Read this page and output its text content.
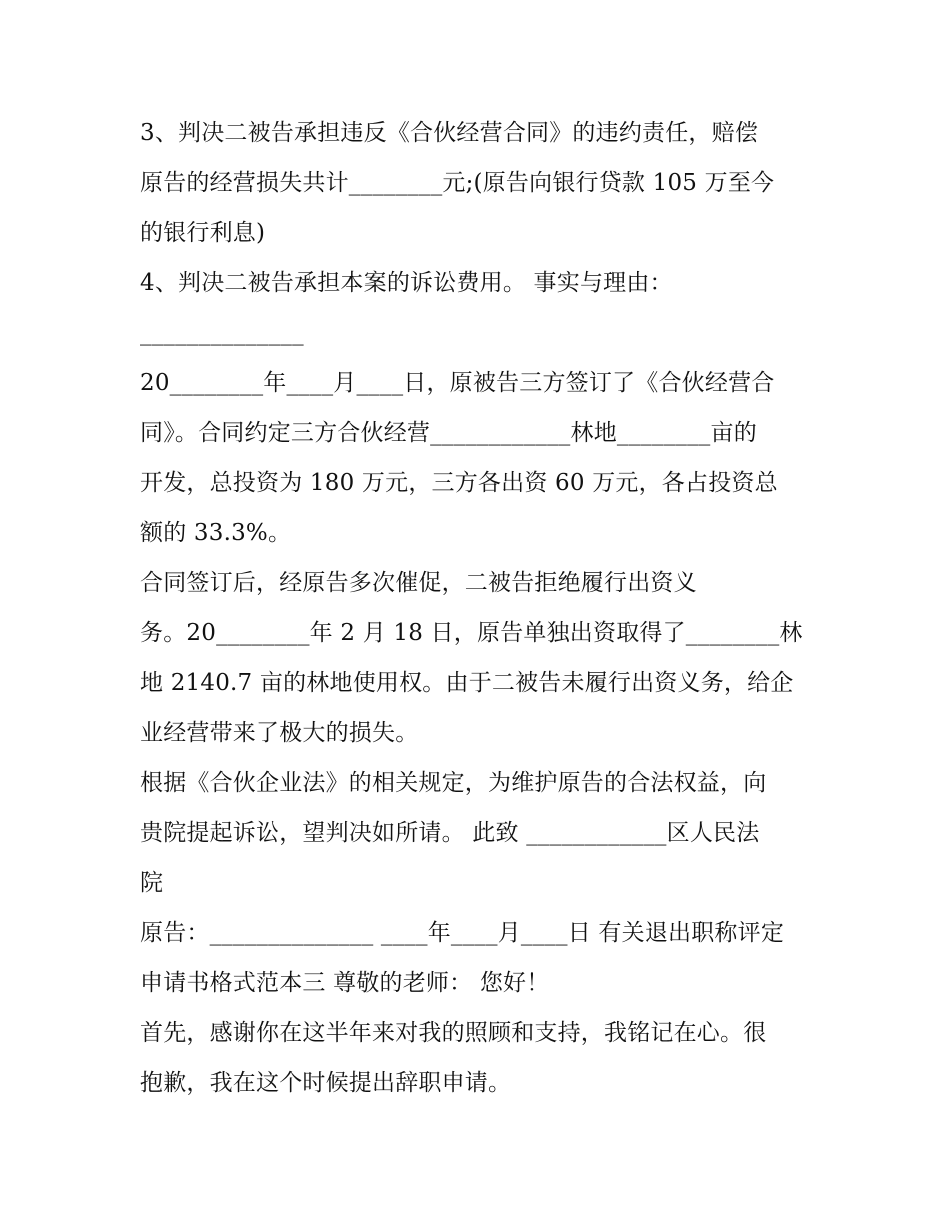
3、判决二被告承担违反《合伙经营合同》的违约责任，赔偿
原告的经营损失共计________元;(原告向银行贷款 105 万至今
的银行利息)
4、判决二被告承担本案的诉讼费用。 事实与理由：
______________
20________年____月____日，原被告三方签订了《合伙经营合
同》。合同约定三方合伙经营____________林地________亩的
开发，总投资为 180 万元，三方各出资 60 万元，各占投资总
额的 33.3%。
合同签订后，经原告多次催促，二被告拒绝履行出资义
务。20________年 2 月 18 日，原告单独出资取得了________林
地 2140.7 亩的林地使用权。由于二被告未履行出资义务，给企
业经营带来了极大的损失。
根据《合伙企业法》的相关规定，为维护原告的合法权益，向
贵院提起诉讼，望判决如所请。 此致 ____________区人民法
院
原告：______________ ____年____月____日 有关退出职称评定
申请书格式范本三 尊敬的老师： 您好！
首先，感谢你在这半年来对我的照顾和支持，我铭记在心。很
抱歉，我在这个时候提出辞职申请。
